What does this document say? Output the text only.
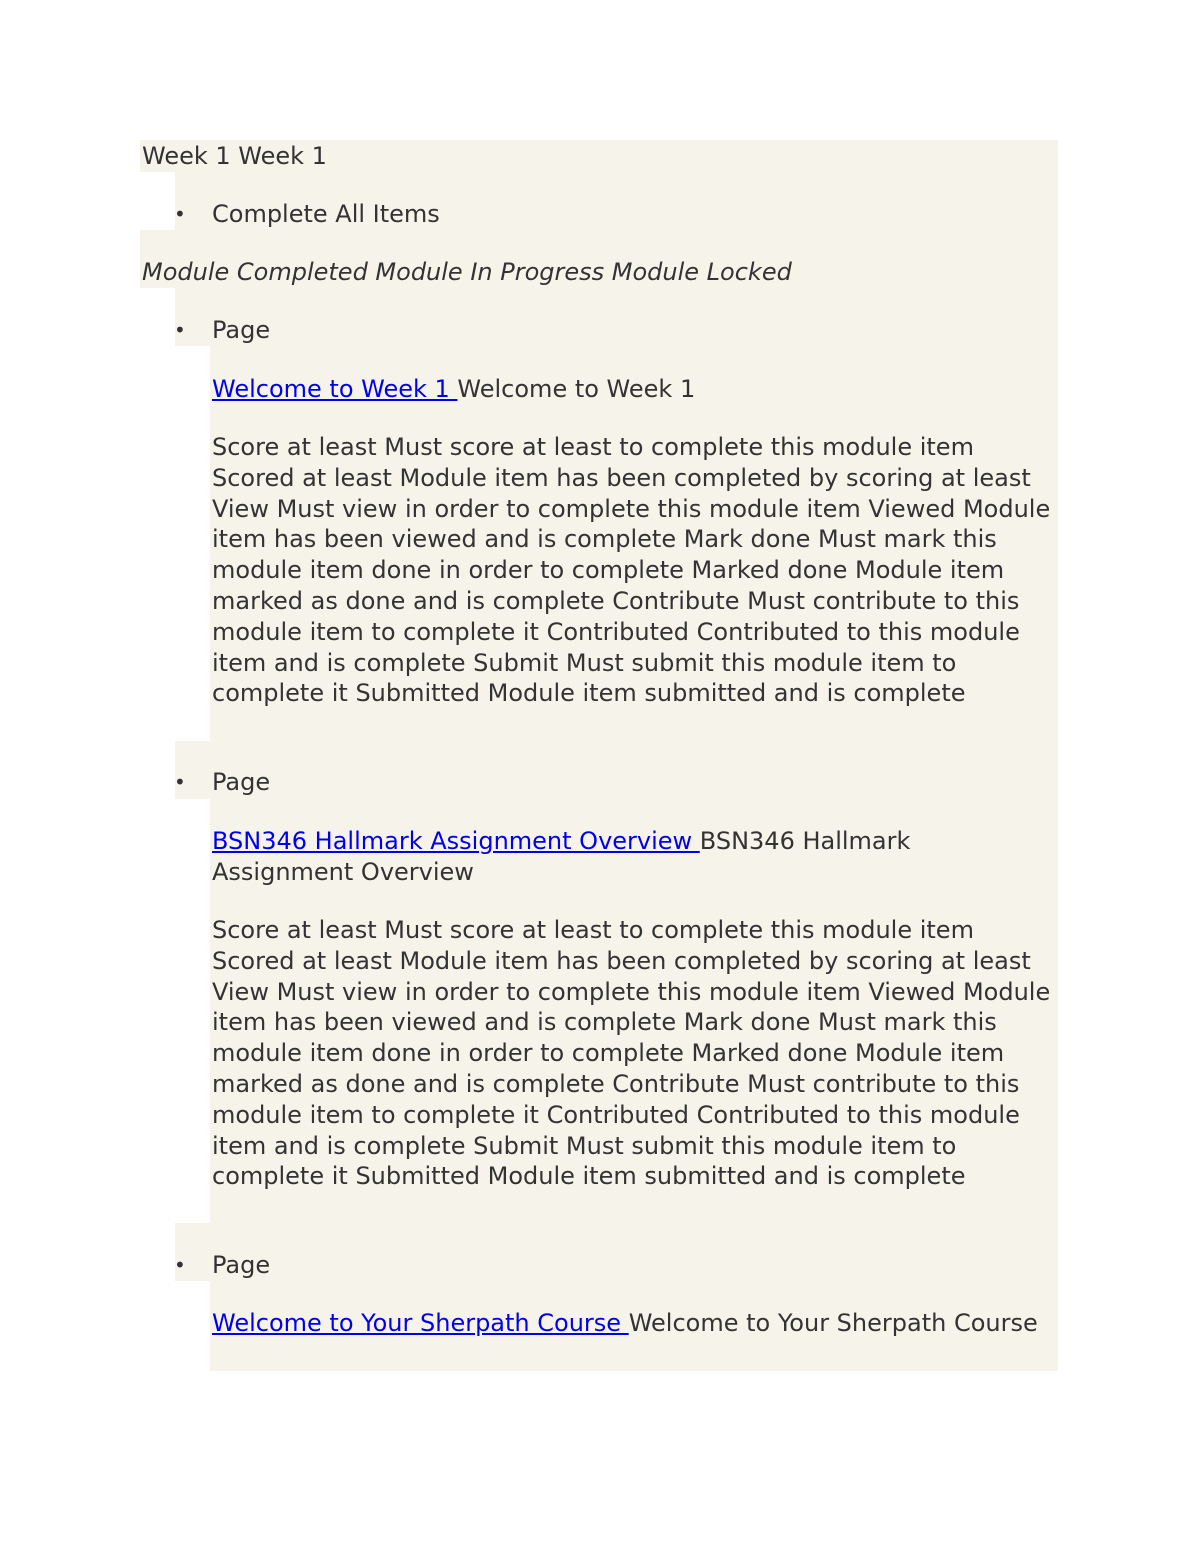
Week 1 Week 1
• Complete All Items
Module Completed Module In Progress Module Locked
• Page
Welcome to Week 1 Welcome to Week 1
Score at least Must score at least to complete this module item Scored at least Module item has been completed by scoring at least View Must view in order to complete this module item Viewed Module item has been viewed and is complete Mark done Must mark this module item done in order to complete Marked done Module item marked as done and is complete Contribute Must contribute to this module item to complete it Contributed Contributed to this module item and is complete Submit Must submit this module item to complete it Submitted Module item submitted and is complete
• Page
BSN346 Hallmark Assignment Overview BSN346 Hallmark Assignment Overview
Score at least Must score at least to complete this module item Scored at least Module item has been completed by scoring at least View Must view in order to complete this module item Viewed Module item has been viewed and is complete Mark done Must mark this module item done in order to complete Marked done Module item marked as done and is complete Contribute Must contribute to this module item to complete it Contributed Contributed to this module item and is complete Submit Must submit this module item to complete it Submitted Module item submitted and is complete
• Page
Welcome to Your Sherpath Course Welcome to Your Sherpath Course
